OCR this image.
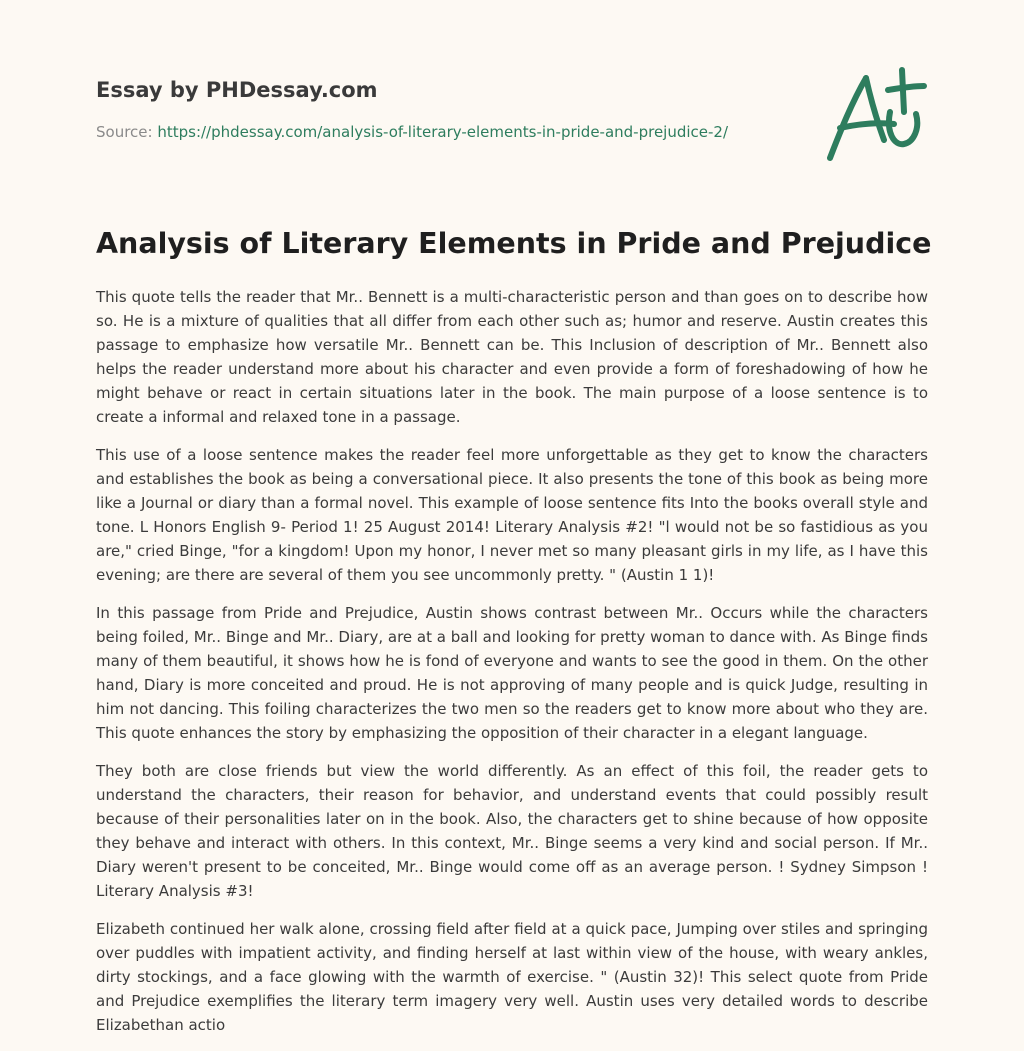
Essay by PHDessay.com
Source: https://phdessay.com/analysis-of-literary-elements-in-pride-and-prejudice-2/
Analysis of Literary Elements in Pride and Prejudice

This quote tells the reader that Mr.. Bennett is a multi-characteristic person and than goes on to describe how so. He is a mixture of qualities that all differ from each other such as; humor and reserve. Austin creates this passage to emphasize how versatile Mr.. Bennett can be. This Inclusion of description of Mr.. Bennett also helps the reader understand more about his character and even provide a form of foreshadowing of how he might behave or react in certain situations later in the book. The main purpose of a loose sentence is to create a informal and relaxed tone in a passage.

This use of a loose sentence makes the reader feel more unforgettable as they get to know the characters and establishes the book as being a conversational piece. It also presents the tone of this book as being more like a Journal or diary than a formal novel. This example of loose sentence fits Into the books overall style and tone. L Honors English 9- Period 1! 25 August 2014! Literary Analysis #2! "l would not be so fastidious as you are," cried Binge, "for a kingdom! Upon my honor, I never met so many pleasant girls in my life, as I have this evening; are there are several of them you see uncommonly pretty. " (Austin 1 1)!

In this passage from Pride and Prejudice, Austin shows contrast between Mr.. Occurs while the characters being foiled, Mr.. Binge and Mr.. Diary, are at a ball and looking for pretty woman to dance with. As Binge finds many of them beautiful, it shows how he is fond of everyone and wants to see the good in them. On the other hand, Diary is more conceited and proud. He is not approving of many people and is quick Judge, resulting in him not dancing. This foiling characterizes the two men so the readers get to know more about who they are. This quote enhances the story by emphasizing the opposition of their character in a elegant language.

They both are close friends but view the world differently. As an effect of this foil, the reader gets to understand the characters, their reason for behavior, and understand events that could possibly result because of their personalities later on in the book. Also, the characters get to shine because of how opposite they behave and interact with others. In this context, Mr.. Binge seems a very kind and social person. If Mr.. Diary weren't present to be conceited, Mr.. Binge would come off as an average person. ! Sydney Simpson ! Literary Analysis #3!

Elizabeth continued her walk alone, crossing field after field at a quick pace, Jumping over stiles and springing over puddles with impatient activity, and finding herself at last within view of the house, with weary ankles, dirty stockings, and a face glowing with the warmth of exercise. " (Austin 32)! This select quote from Pride and Prejudice exemplifies the literary term imagery very well. Austin uses very detailed words to describe Elizabethan actio
